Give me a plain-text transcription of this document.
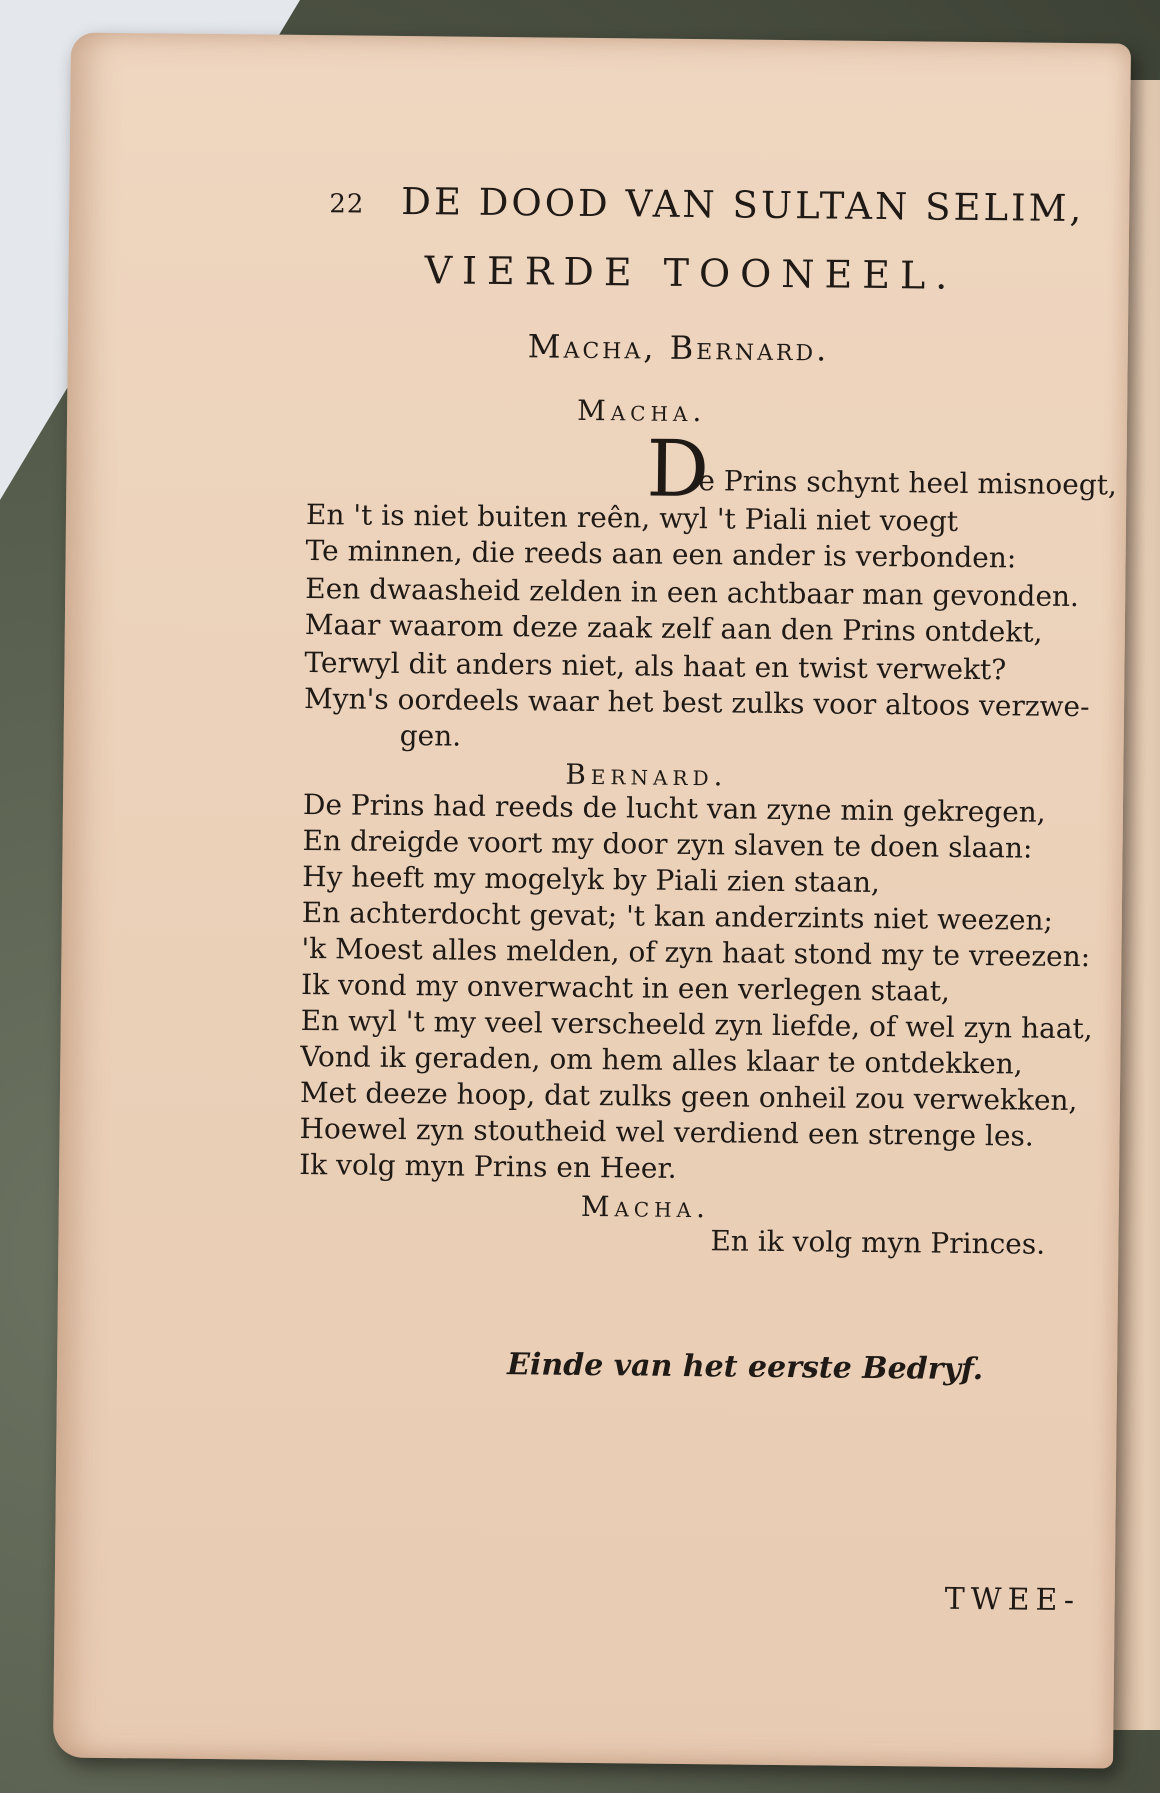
22 DE DOOD VAN SULTAN SELIM,
VIERDE TOONEEL.
Macha, Bernard.
Macha.
D
e Prins schynt heel misnoegt,
En 't is niet buiten reên, wyl 't Piali niet voegt
Te minnen, die reeds aan een ander is verbonden:
Een dwaasheid zelden in een achtbaar man gevonden.
Maar waarom deze zaak zelf aan den Prins ontdekt,
Terwyl dit anders niet, als haat en twist verwekt?
Myn's oordeels waar het best zulks voor altoos verzwe-
gen.
Bernard.
De Prins had reeds de lucht van zyne min gekregen,
En dreigde voort my door zyn slaven te doen slaan:
Hy heeft my mogelyk by Piali zien staan,
En achterdocht gevat; 't kan anderzints niet weezen;
'k Moest alles melden, of zyn haat stond my te vreezen:
Ik vond my onverwacht in een verlegen staat,
En wyl 't my veel verscheeld zyn liefde, of wel zyn haat,
Vond ik geraden, om hem alles klaar te ontdekken,
Met deeze hoop, dat zulks geen onheil zou verwekken,
Hoewel zyn stoutheid wel verdiend een strenge les.
Ik volg myn Prins en Heer.
Macha.
En ik volg myn Princes.
Einde van het eerste Bedryf.
TWEE-
